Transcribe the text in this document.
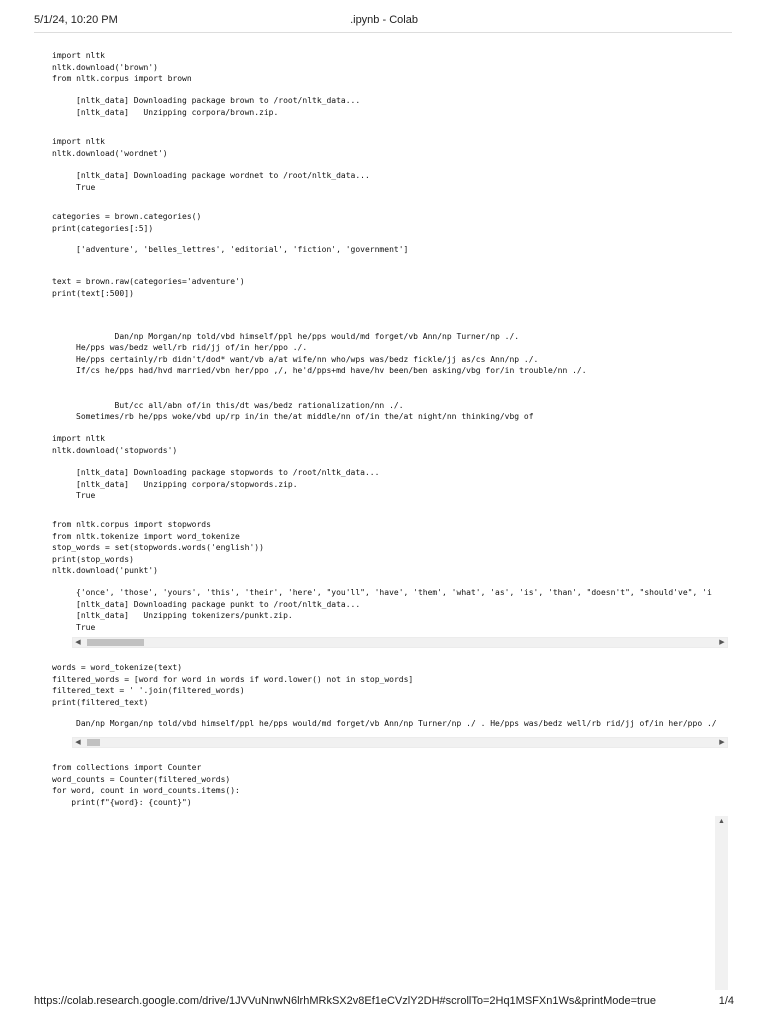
5/1/24, 10:20 PM	.ipynb - Colab
import nltk
nltk.download('brown')
from nltk.corpus import brown
[nltk_data] Downloading package brown to /root/nltk_data...
[nltk_data]   Unzipping corpora/brown.zip.
import nltk
nltk.download('wordnet')
[nltk_data] Downloading package wordnet to /root/nltk_data...
True
categories = brown.categories()
print(categories[:5])
['adventure', 'belles_lettres', 'editorial', 'fiction', 'government']
text = brown.raw(categories='adventure')
print(text[:500])

	Dan/np Morgan/np told/vbd himself/ppl he/pps would/md forget/vb Ann/np Turner/np ./.
He/pps was/bedz well/rb rid/jj of/in her/ppo ./.
He/pps certainly/rb didn't/dod* want/vb a/at wife/nn who/wps was/bedz fickle/jj as/cs Ann/np ./.
If/cs he/pps had/hvd married/vbn her/ppo ,/, he'd/pps+md have/hv been/ben asking/vbg for/in trouble/nn ./.

	But/cc all/abn of/in this/dt was/bedz rationalization/nn ./.
Sometimes/rb he/pps woke/vbd up/rp in/in the/at middle/nn of/in the/at night/nn thinking/vbg of
import nltk
nltk.download('stopwords')
[nltk_data] Downloading package stopwords to /root/nltk_data...
[nltk_data]   Unzipping corpora/stopwords.zip.
True
from nltk.corpus import stopwords
from nltk.tokenize import word_tokenize
stop_words = set(stopwords.words('english'))
print(stop_words)
nltk.download('punkt')
{'once', 'those', 'yours', 'this', 'their', 'here', "you'll", 'have', 'them', 'what', 'as', 'is', 'than', "doesn't", "should've", 'i
[nltk_data] Downloading package punkt to /root/nltk_data...
[nltk_data]   Unzipping tokenizers/punkt.zip.
True
◀	▶
words = word_tokenize(text)
filtered_words = [word for word in words if word.lower() not in stop_words]
filtered_text = ' '.join(filtered_words)
print(filtered_text)
Dan/np Morgan/np told/vbd himself/ppl he/pps would/md forget/vb Ann/np Turner/np ./ . He/pps was/bedz well/rb rid/jj of/in her/ppo ./
◀	▶
from collections import Counter
word_counts = Counter(filtered_words)
for word, count in word_counts.items():
print(f"{word}: {count}")
▲
https://colab.research.google.com/drive/1JVVuNnwN6lrhMRkSX2v8Ef1eCVzlY2DH#scrollTo=2Hq1MSFXn1Ws&printMode=true	1/4
